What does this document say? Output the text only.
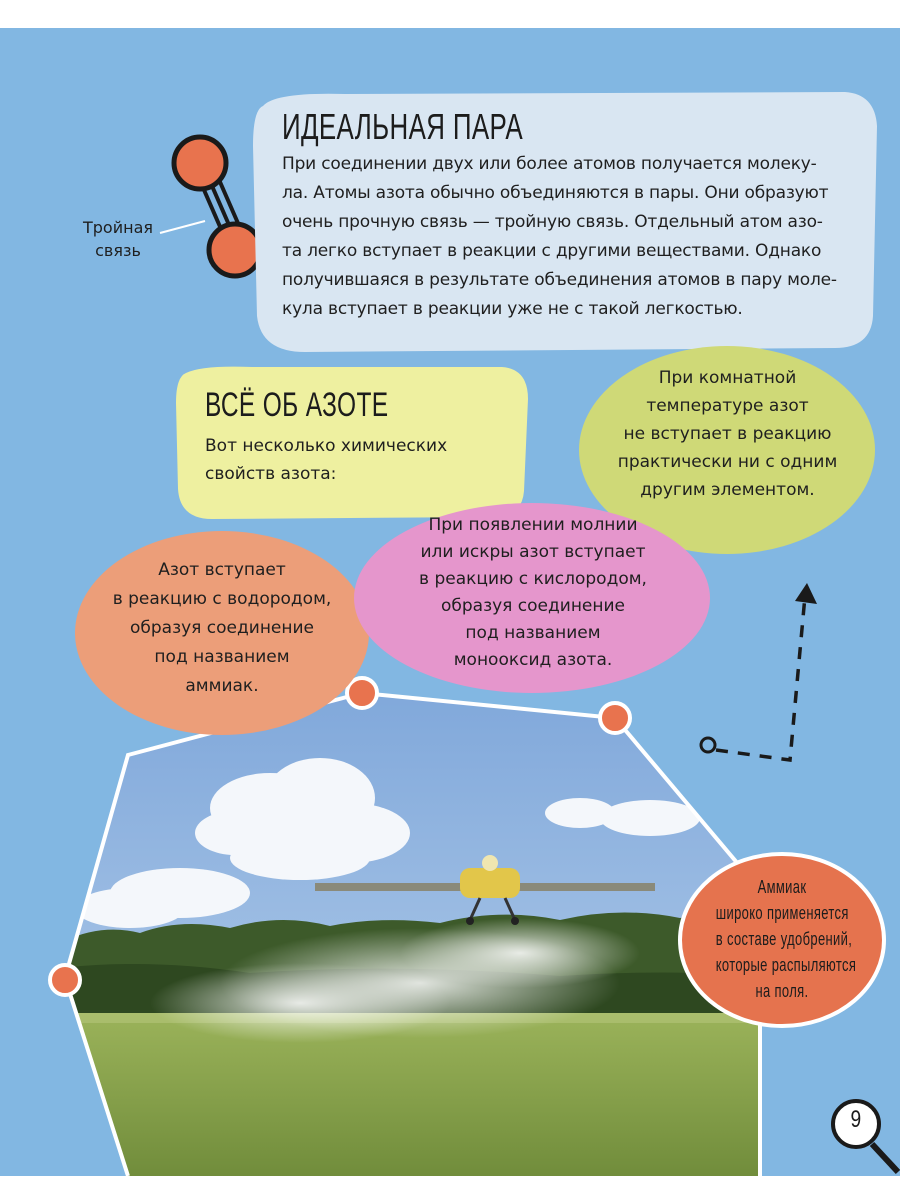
Тройная
связь
ИДЕАЛЬНАЯ ПАРА
При соединении двух или более атомов получается молеку-
ла. Атомы азота обычно объединяются в пары. Они образуют
очень прочную связь — тройную связь. Отдельный атом азо-
та легко вступает в реакции с другими веществами. Однако
получившаяся в результате объединения атомов в пару моле-
кула вступает в реакции уже не с такой легкостью.
ВСЁ ОБ АЗОТЕ
Вот несколько химических
свойств азота:
При комнатной
температуре азот
не вступает в реакцию
практически ни с одним
другим элементом.
Азот вступает
в реакцию с водородом,
образуя соединение
под названием
аммиак.
При появлении молнии
или искры азот вступает
в реакцию с кислородом,
образуя соединение
под названием
монооксид азота.
Аммиак
широко применяется
в составе удобрений,
которые распыляются
на поля.
9
